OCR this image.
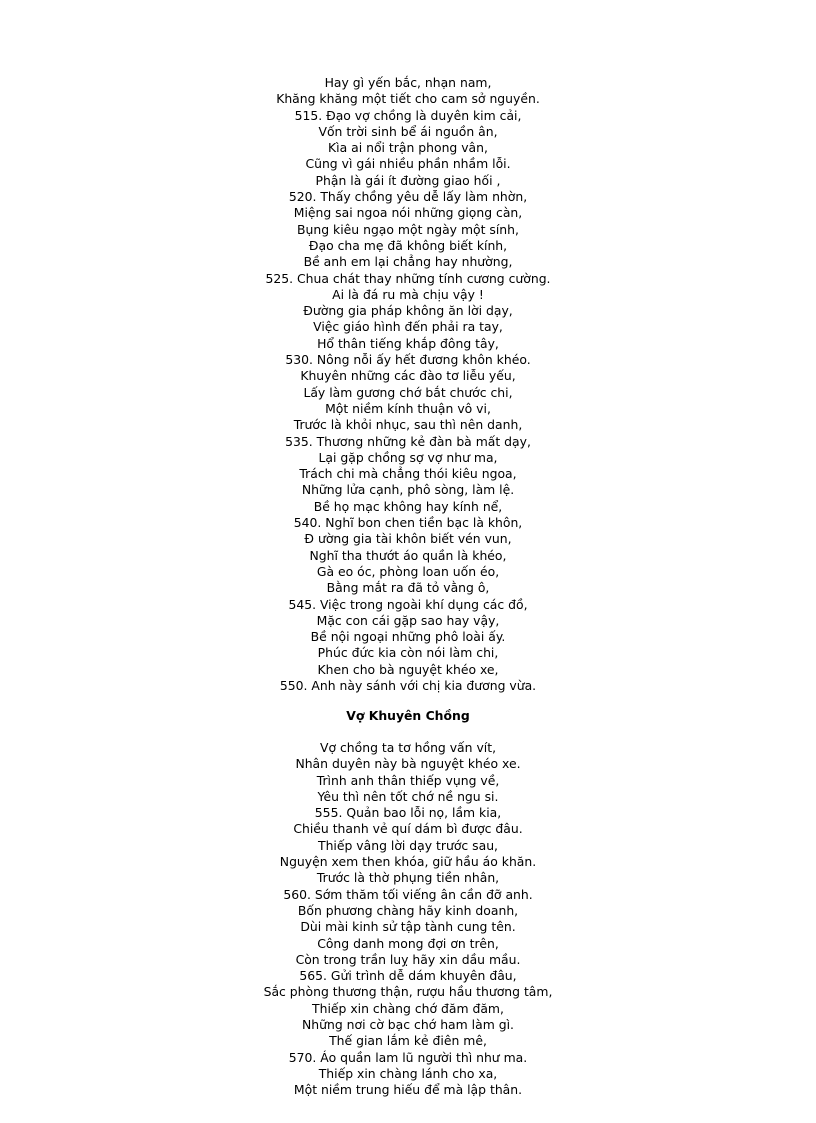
Hay gì yến bắc, nhạn nam,
Khăng khăng một tiết cho cam sở nguyền.
515. Đạo vợ chồng là duyên kim cải,
Vốn trời sinh bể ái nguồn ân,
Kìa ai nổi trận phong vân,
Cũng vì gái nhiều phần nhầm lỗi.
Phận là gái ít đường giao hối ,
520. Thấy chồng yêu dễ lấy làm nhờn,
Miệng sai ngoa nói những giọng càn,
Bụng kiêu ngạo một ngày một sính,
Đạo cha mẹ đã không biết kính,
Bề anh em lại chẳng hay nhường,
525. Chua chát thay những tính cương cường.
Ai là đá ru mà chịu vậy !
Đường gia pháp không ăn lời dạy,
Việc giáo hình đến phải ra tay,
Hổ thân tiếng khắp đông tây,
530. Nông nỗi ấy hết đương khôn khéo.
Khuyên những các đào tơ liễu yếu,
Lấy làm gương chớ bắt chước chi,
Một niềm kính thuận vô vi,
Trước là khỏi nhục, sau thì nên danh,
535. Thương những kẻ đàn bà mất dạy,
Lại gặp chồng sợ vợ như ma,
Trách chi mà chẳng thói kiêu ngoa,
Những lửa cạnh, phô sòng, làm lệ.
Bề họ mạc không hay kính nể,
540. Nghĩ bon chen tiền bạc là khôn,
Đ ường gia tài khôn biết vén vun,
Nghĩ tha thướt áo quần là khéo,
Gà eo óc, phòng loan uốn éo,
Bằng mắt ra đã tỏ vằng ô,
545. Việc trong ngoài khí dụng các đồ,
Mặc con cái gặp sao hay vậy,
Bề nội ngoại những phô loài ấy.
Phúc đức kia còn nói làm chi,
Khen cho bà nguyệt khéo xe,
550. Anh này sánh với chị kia đương vừa.
Vợ Khuyên Chồng
Vợ chồng ta tơ hồng vấn vít,
Nhân duyên này bà nguyệt khéo xe.
Trình anh thân thiếp vụng về,
Yêu thì nên tốt chớ nề ngu si.
555. Quản bao lỗi nọ, lầm kia,
Chiều thanh vẻ quí dám bì được đâu.
Thiếp vâng lời dạy trước sau,
Nguyện xem then khóa, giữ hầu áo khăn.
Trước là thờ phụng tiền nhân,
560. Sớm thăm tối viếng ân cần đỡ anh.
Bốn phương chàng hãy kinh doanh,
Dùi mài kinh sử tập tành cung tên.
Công danh mong đợi ơn trên,
Còn trong trần luỵ hãy xin dầu mầu.
565. Gửi trình dễ dám khuyên đâu,
Sắc phòng thương thận, rượu hầu thương tâm,
Thiếp xin chàng chớ đăm đăm,
Những nơi cờ bạc chớ ham làm gì.
Thế gian lắm kẻ điên mê,
570. Áo quần lam lũ người thì như ma.
Thiếp xin chàng lánh cho xa,
Một niềm trung hiếu để mà lập thân.
